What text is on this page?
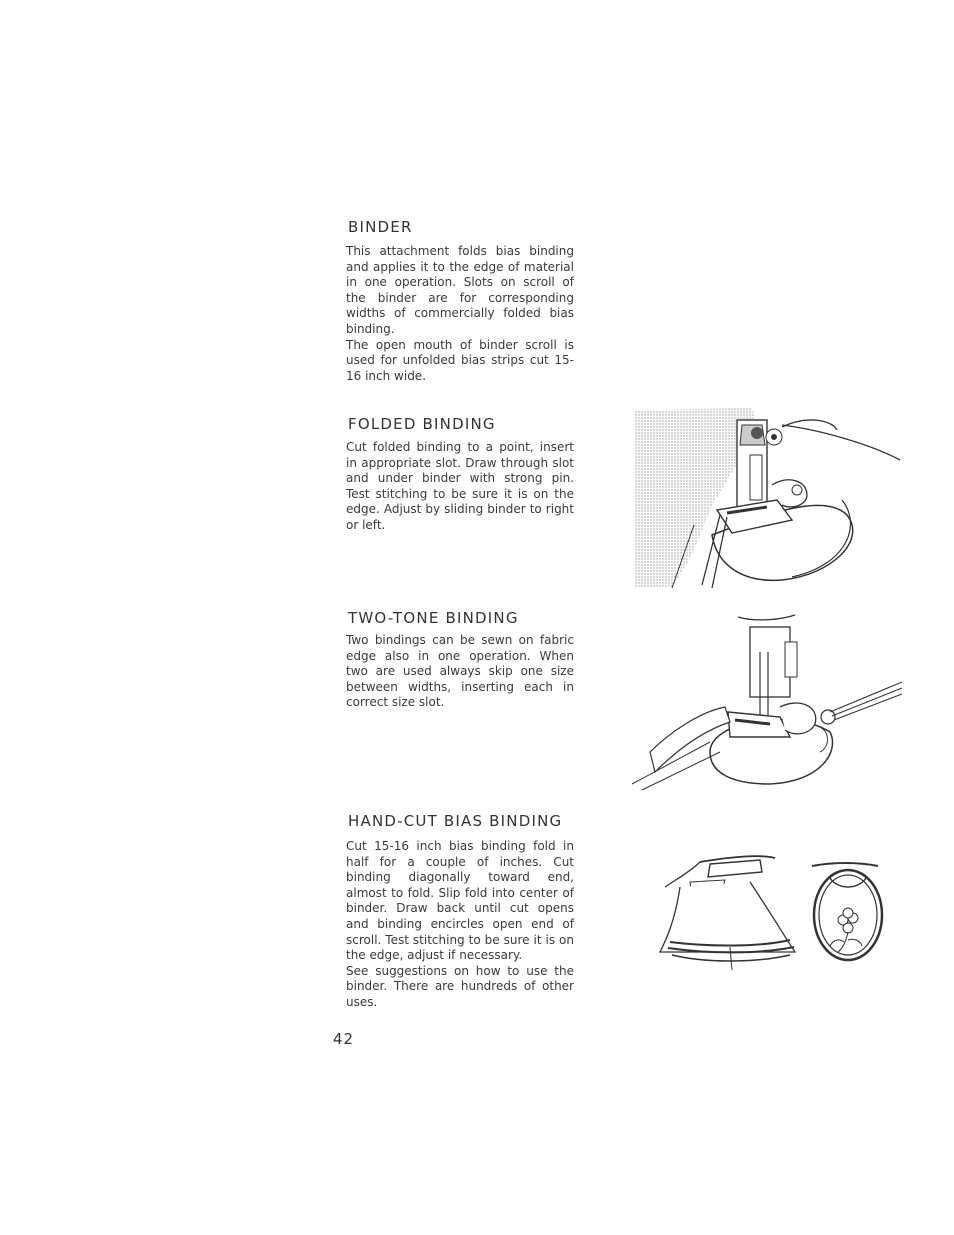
BINDER

This attachment folds bias binding and applies it to the edge of material in one operation. Slots on scroll of the binder are for corresponding widths of commercially folded bias binding.

The open mouth of binder scroll is used for unfolded bias strips cut 15-16 inch wide.

FOLDED BINDING

Cut folded binding to a point, insert in appropriate slot. Draw through slot and under binder with strong pin. Test stitching to be sure it is on the edge. Adjust by sliding binder to right or left.

TWO-TONE BINDING

Two bindings can be sewn on fabric edge also in one operation. When two are used always skip one size between widths, inserting each in correct size slot.

HAND-CUT BIAS BINDING

Cut 15-16 inch bias binding fold in half for a couple of inches. Cut binding diagonally toward end, almost to fold. Slip fold into center of binder. Draw back until cut opens and binding encircles open end of scroll. Test stitching to be sure it is on the edge, adjust if necessary.

See suggestions on how to use the binder. There are hundreds of other uses.

42
